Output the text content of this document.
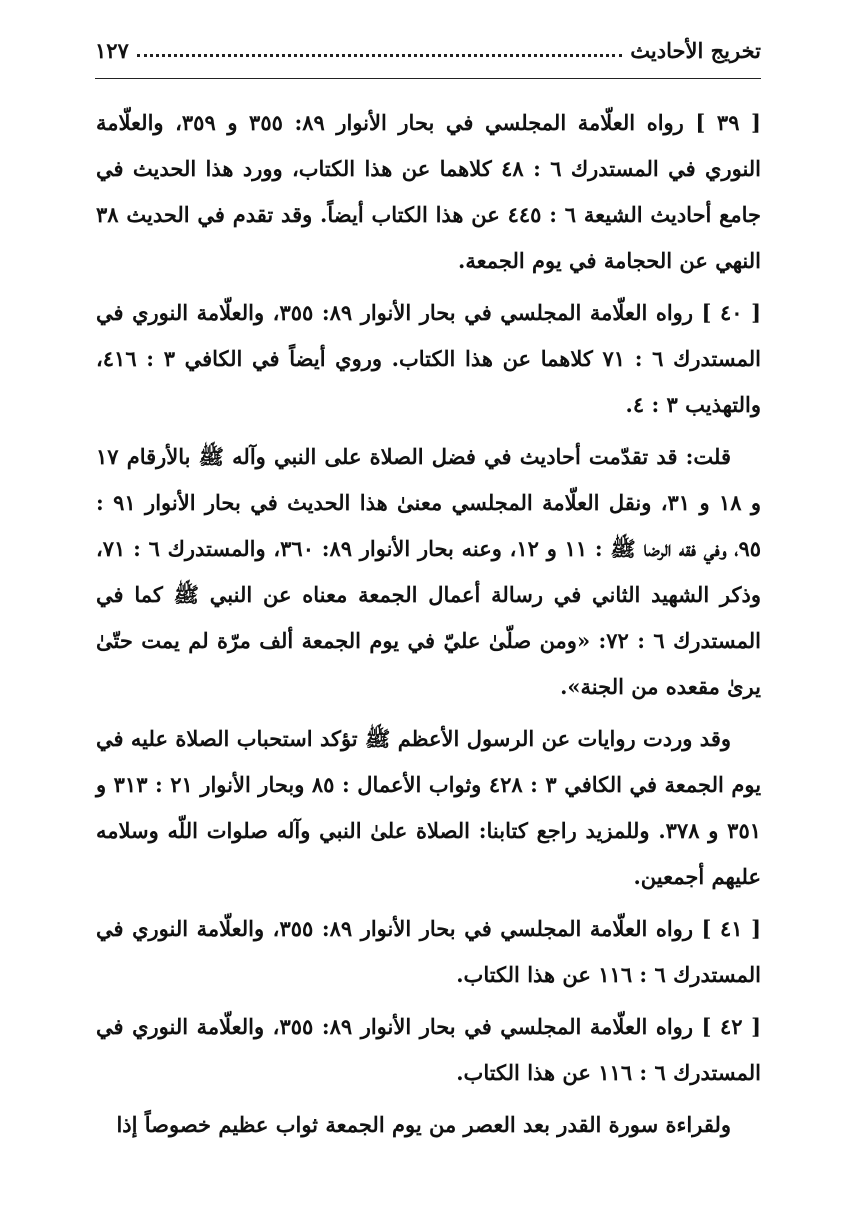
تخريج الأحاديث
١٢٧

[ ٣٩ ] رواه العلّامة المجلسي في بحار الأنوار ٨٩: ٣٥٥ و ٣٥٩، والعلّامة النوري في المستدرك ٦ : ٤٨ كلاهما عن هذا الكتاب، وورد هذا الحديث في جامع أحاديث الشيعة ٦ : ٤٤٥ عن هذا الكتاب أيضاً. وقد تقدم في الحديث ٣٨ النهي عن الحجامة في يوم الجمعة.

[ ٤٠ ] رواه العلّامة المجلسي في بحار الأنوار ٨٩: ٣٥٥، والعلّامة النوري في المستدرك ٦ : ٧١ كلاهما عن هذا الكتاب. وروي أيضاً في الكافي ٣ : ٤١٦، والتهذيب ٣ : ٤.

قلت: قد تقدّمت أحاديث في فضل الصلاة على النبي وآله ﷺ بالأرقام ١٧ و ١٨ و ٣١، ونقل العلّامة المجلسي معنىٰ هذا الحديث في بحار الأنوار ٩١ : ٩٥، وفي فقه الرضا ﷺ : ١١ و ١٢، وعنه بحار الأنوار ٨٩: ٣٦٠، والمستدرك ٦ : ٧١، وذكر الشهيد الثاني في رسالة أعمال الجمعة معناه عن النبي ﷺ كما في المستدرك ٦ : ٧٢: «ومن صلّىٰ عليّ في يوم الجمعة ألف مرّة لم يمت حتّىٰ يرىٰ مقعده من الجنة».

وقد وردت روايات عن الرسول الأعظم ﷺ تؤكد استحباب الصلاة عليه في يوم الجمعة في الكافي ٣ : ٤٢٨ وثواب الأعمال : ٨٥ وبحار الأنوار ٢١ : ٣١٣ و ٣٥١ و ٣٧٨. وللمزيد راجع كتابنا: الصلاة علىٰ النبي وآله صلوات اللّه وسلامه عليهم أجمعين.

[ ٤١ ] رواه العلّامة المجلسي في بحار الأنوار ٨٩: ٣٥٥، والعلّامة النوري في المستدرك ٦ : ١١٦ عن هذا الكتاب.

[ ٤٢ ] رواه العلّامة المجلسي في بحار الأنوار ٨٩: ٣٥٥، والعلّامة النوري في المستدرك ٦ : ١١٦ عن هذا الكتاب.

ولقراءة سورة القدر بعد العصر من يوم الجمعة ثواب عظيم خصوصاً إذا
